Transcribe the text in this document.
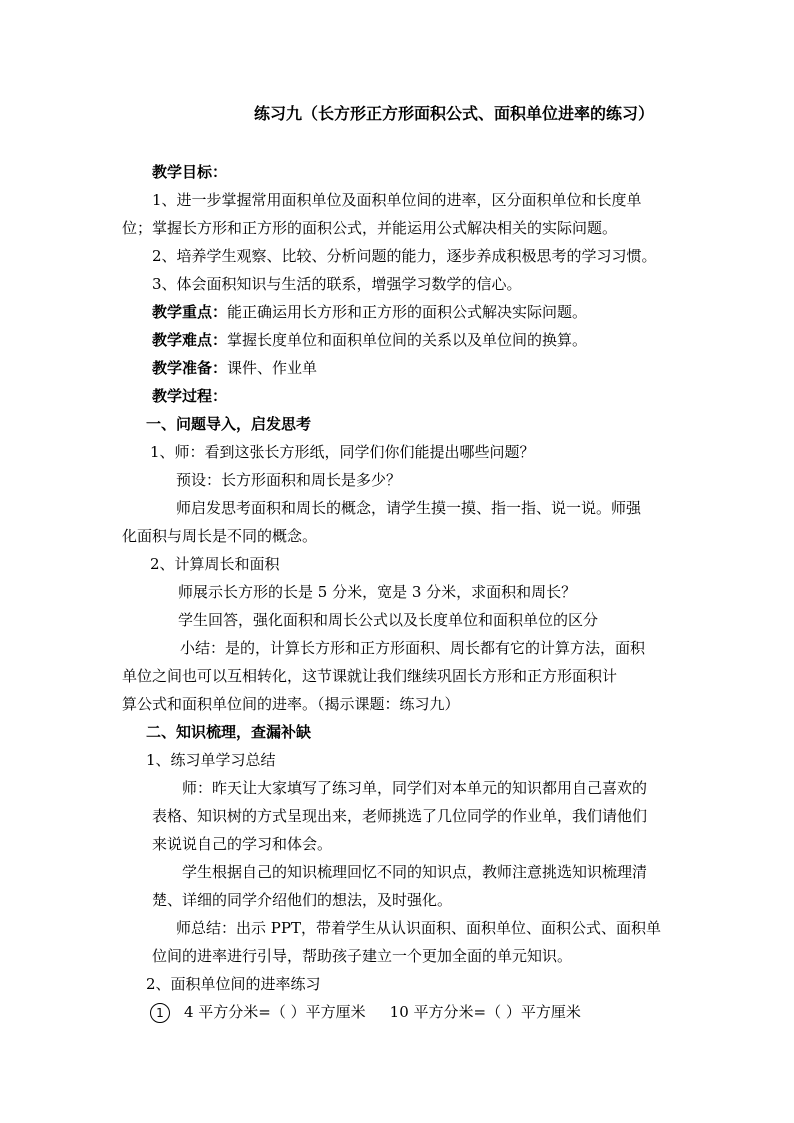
练习九（长方形正方形面积公式、面积单位进率的练习）
教学目标：
1、进一步掌握常用面积单位及面积单位间的进率，区分面积单位和长度单
位；掌握长方形和正方形的面积公式，并能运用公式解决相关的实际问题。
2、培养学生观察、比较、分析问题的能力，逐步养成积极思考的学习习惯。
3、体会面积知识与生活的联系，增强学习数学的信心。
教学重点：能正确运用长方形和正方形的面积公式解决实际问题。
教学难点：掌握长度单位和面积单位间的关系以及单位间的换算。
教学准备：课件、作业单
教学过程：
一、问题导入，启发思考
1、师：看到这张长方形纸，同学们你们能提出哪些问题？
预设：长方形面积和周长是多少？
师启发思考面积和周长的概念，请学生摸一摸、指一指、说一说。师强
化面积与周长是不同的概念。
2、计算周长和面积
师展示长方形的长是 5 分米，宽是 3 分米，求面积和周长？
学生回答，强化面积和周长公式以及长度单位和面积单位的区分
小结：是的，计算长方形和正方形面积、周长都有它的计算方法，面积
单位之间也可以互相转化，这节课就让我们继续巩固长方形和正方形面积计
算公式和面积单位间的进率。（揭示课题：练习九）
二、知识梳理，查漏补缺
1、练习单学习总结
师：昨天让大家填写了练习单，同学们对本单元的知识都用自己喜欢的
表格、知识树的方式呈现出来，老师挑选了几位同学的作业单，我们请他们
来说说自己的学习和体会。
学生根据自己的知识梳理回忆不同的知识点，教师注意挑选知识梳理清
楚、详细的同学介绍他们的想法，及时强化。
师总结：出示 PPT，带着学生从认识面积、面积单位、面积公式、面积单
位间的进率进行引导，帮助孩子建立一个更加全面的单元知识。
2、面积单位间的进率练习
1 4 平方分米=（ ）平方厘米 10 平方分米=（ ）平方厘米
